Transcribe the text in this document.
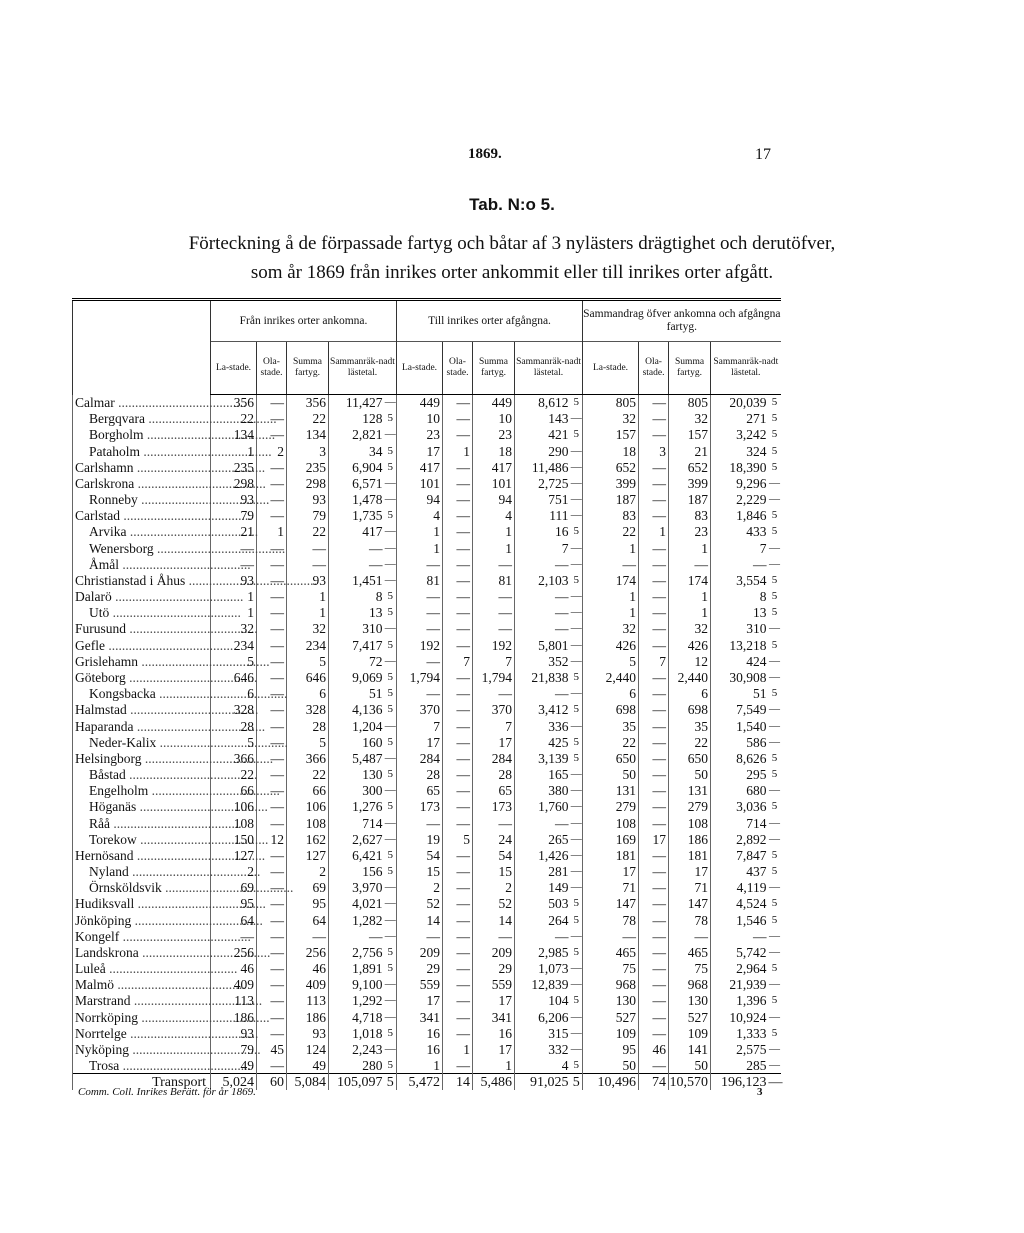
1869.	17
Tab. N:o 5.
Förteckning å de förpassade fartyg och båtar af 3 nylästers drägtighet och derutöfver,
som år 1869 från inrikes orter ankommit eller till inrikes orter afgått.
	Från inrikes orter ankomna.					Till inrikes orter afgångna.					Sammandrag öfver ankomna och afgångna fartyg.				
	La-stade.	Ola-stade.	Summa fartyg.	Sammanräk-nadt lästetal.		La-stade.	Ola-stade.	Summa fartyg.	Sammanräk-nadt lästetal.		La-stade.	Ola-stade.	Summa fartyg.	Sammanräk-nadt lästetal.	
Calmar .....	356	—	356	11,427	—	449	—	449	8,612	5	805	—	805	20,039	5
Bergqvara .....	22	—	22	128	5	10	—	10	143	—	32	—	32	271	5
Borgholm .....	134	—	134	2,821	—	23	—	23	421	5	157	—	157	3,242	5
Pataholm .....	1	2	3	34	5	17	1	18	290	—	18	3	21	324	5
Carlshamn .....	235	—	235	6,904	5	417	—	417	11,486	—	652	—	652	18,390	5
Carlskrona .....	298	—	298	6,571	—	101	—	101	2,725	—	399	—	399	9,296	—
Ronneby .....	93	—	93	1,478	—	94	—	94	751	—	187	—	187	2,229	—
Carlstad .....	79	—	79	1,735	5	4	—	4	111	—	83	—	83	1,846	5
Arvika .....	21	1	22	417	—	1	—	1	16	5	22	1	23	433	5
Wenersborg .....	—	—	—	—	—	1	—	1	7	—	1	—	1	7	—
Åmål .....	—	—	—	—	—	—	—	—	—	—	—	—	—	—	—
Christianstad i Åhus .....	93	—	93	1,451	—	81	—	81	2,103	5	174	—	174	3,554	5
Dalarö .....	1	—	1	8	5	—	—	—	—	—	1	—	1	8	5
Utö .....	1	—	1	13	5	—	—	—	—	—	1	—	1	13	5
Furusund .....	32	—	32	310	—	—	—	—	—	—	32	—	32	310	—
Gefle .....	234	—	234	7,417	5	192	—	192	5,801	—	426	—	426	13,218	5
Grislehamn .....	5	—	5	72	—	—	7	7	352	—	5	7	12	424	—
Göteborg .....	646	—	646	9,069	5	1,794	—	1,794	21,838	5	2,440	—	2,440	30,908	—
Kongsbacka .....	6	—	6	51	5	—	—	—	—	—	6	—	6	51	5
Halmstad .....	328	—	328	4,136	5	370	—	370	3,412	5	698	—	698	7,549	—
Haparanda .....	28	—	28	1,204	—	7	—	7	336	—	35	—	35	1,540	—
Neder-Kalix .....	5	—	5	160	5	17	—	17	425	5	22	—	22	586	—
Helsingborg .....	366	—	366	5,487	—	284	—	284	3,139	5	650	—	650	8,626	5
Båstad .....	22	—	22	130	5	28	—	28	165	—	50	—	50	295	5
Engelholm .....	66	—	66	300	—	65	—	65	380	—	131	—	131	680	—
Höganäs .....	106	—	106	1,276	5	173	—	173	1,760	—	279	—	279	3,036	5
Råå .....	108	—	108	714	—	—	—	—	—	—	108	—	108	714	—
Torekow .....	150	12	162	2,627	—	19	5	24	265	—	169	17	186	2,892	—
Hernösand .....	127	—	127	6,421	5	54	—	54	1,426	—	181	—	181	7,847	5
Nyland .....	2	—	2	156	5	15	—	15	281	—	17	—	17	437	5
Örnsköldsvik .....	69	—	69	3,970	—	2	—	2	149	—	71	—	71	4,119	—
Hudiksvall .....	95	—	95	4,021	—	52	—	52	503	5	147	—	147	4,524	5
Jönköping .....	64	—	64	1,282	—	14	—	14	264	5	78	—	78	1,546	5
Kongelf .....	—	—	—	—	—	—	—	—	—	—	—	—	—	—	—
Landskrona .....	256	—	256	2,756	5	209	—	209	2,985	5	465	—	465	5,742	—
Luleå .....	46	—	46	1,891	5	29	—	29	1,073	—	75	—	75	2,964	5
Malmö .....	409	—	409	9,100	—	559	—	559	12,839	—	968	—	968	21,939	—
Marstrand .....	113	—	113	1,292	—	17	—	17	104	5	130	—	130	1,396	5
Norrköping .....	186	—	186	4,718	—	341	—	341	6,206	—	527	—	527	10,924	—
Norrtelge .....	93	—	93	1,018	5	16	—	16	315	—	109	—	109	1,333	5
Nyköping .....	79	45	124	2,243	—	16	1	17	332	—	95	46	141	2,575	—
Trosa .....	49	—	49	280	5	1	—	1	4	5	50	—	50	285	—
Transport	5,024	60	5,084	105,097	5	5,472	14	5,486	91,025	5	10,496	74	10,570	196,123	—
Comm. Coll. Inrikes Berätt. för år 1869.	3
